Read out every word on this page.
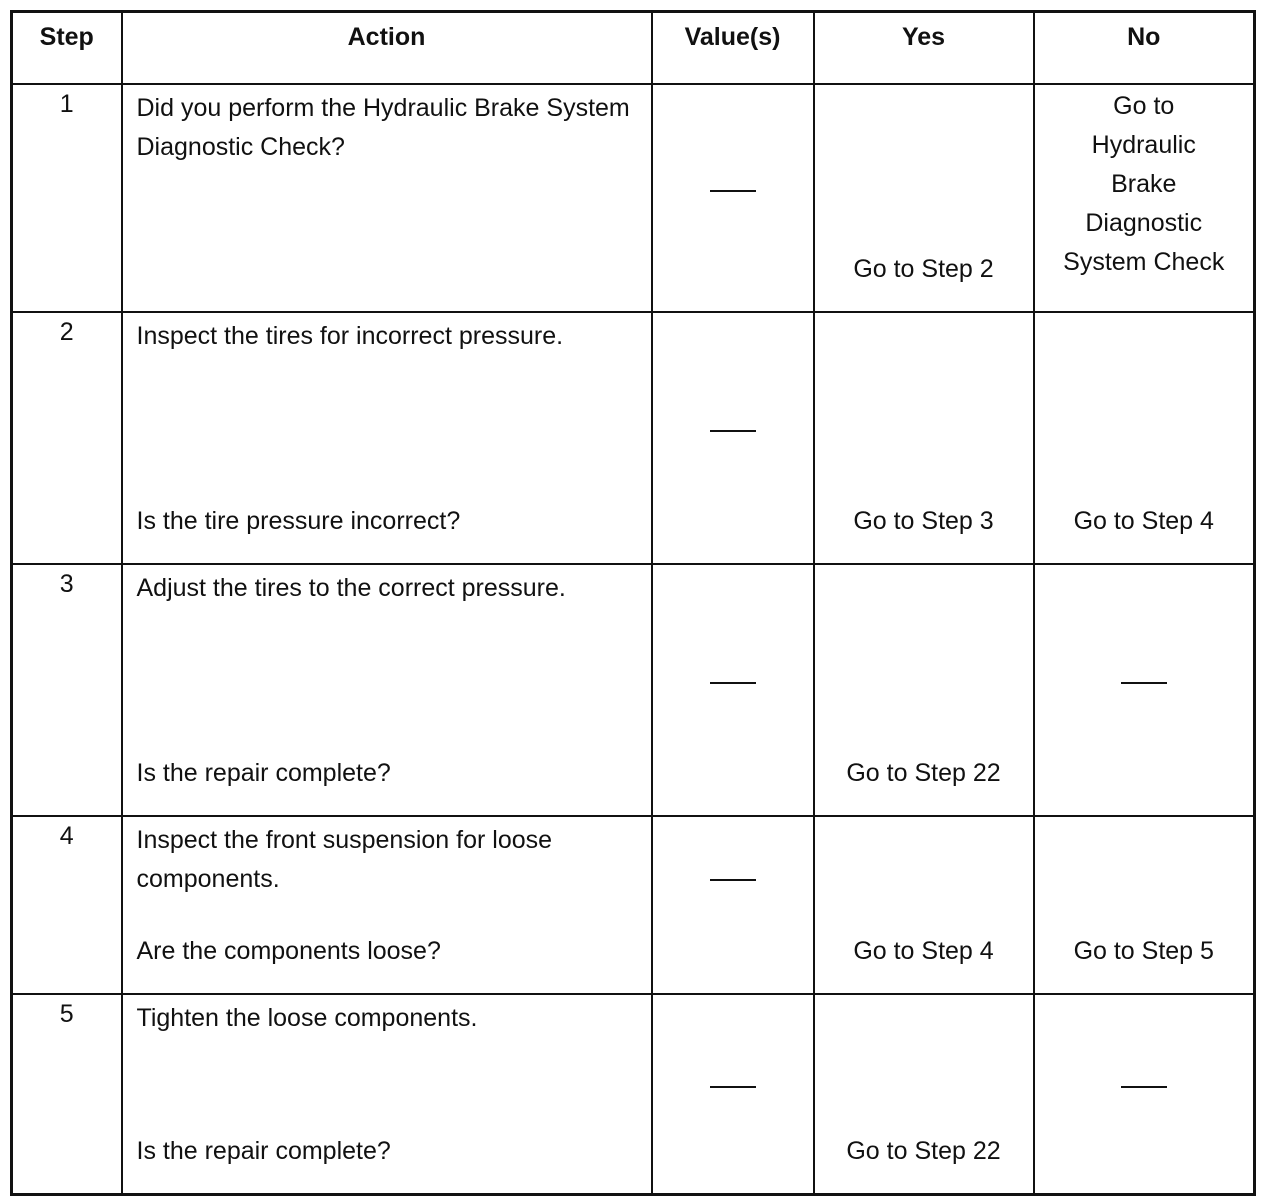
Step	Action	Value(s)	Yes	No

1	Did you perform the Hydraulic Brake System Diagnostic Check?		Go to Step 2	Go to
Hydraulic
Brake
Diagnostic
System Check

2	Inspect the tires for incorrect pressure.
Is the tire pressure incorrect?		Go to Step 3	Go to Step 4

3	Adjust the tires to the correct pressure.
Is the repair complete?		Go to Step 22	

4	Inspect the front suspension for loose components.
Are the components loose?		Go to Step 4	Go to Step 5

5	Tighten the loose components.
Is the repair complete?		Go to Step 22	
